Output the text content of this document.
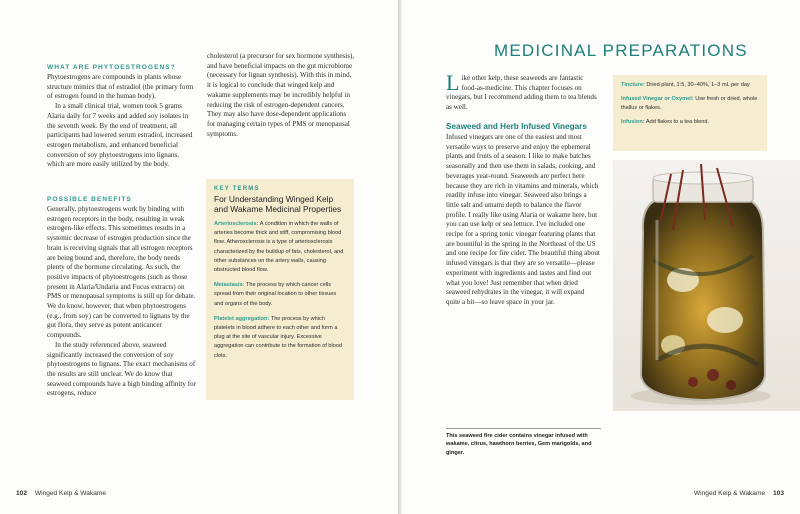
WHAT ARE PHYTOESTROGENS?

Phytoestrogens are compounds in plants whose structure mimics that of estradiol (the primary form of estrogen found in the human body).

In a small clinical trial, women took 5 grams Alaria daily for 7 weeks and added soy isolates in the seventh week. By the end of treatment, all participants had lowered serum estradiol, increased estrogen metabolism, and enhanced beneficial conversion of soy phytoestrogens into lignans, which are more easily utilized by the body.

POSSIBLE BENEFITS

Generally, phytoestrogens work by binding with estrogen receptors in the body, resulting in weak estrogen-like effects. This sometimes results in a systemic decrease of estrogen production since the brain is receiving signals that all estrogen receptors are being bound and, therefore, the body needs plenty of the hormone circulating. As such, the positive impacts of phytoestrogens (such as those present in Alaria/Undaria and Fucus extracts) on PMS or menopausal symptoms is still up for debate. We do know, however, that when phytoestrogens (e.g., from soy) can be converted to lignans by the gut flora, they serve as potent anticancer compounds.

In the study referenced above, seaweed significantly increased the conversion of soy phytoestrogens to lignans. The exact mechanisms of the results are still unclear. We do know that seaweed compounds have a high binding affinity for estrogens, reduce

cholesterol (a precursor for sex hormone synthesis), and have beneficial impacts on the gut microbiome (necessary for lignan synthesis). With this in mind, it is logical to conclude that winged kelp and wakame supplements may be incredibly helpful in reducing the risk of estrogen-dependent cancers. They may also have dose-dependent applications for managing certain types of PMS or menopausal symptoms.

KEY TERMS
For Understanding Winged Kelp and Wakame Medicinal Properties
Arteriosclerosis: A condition in which the walls of arteries become thick and stiff, compromising blood flow. Atherosclerosis is a type of arteriosclerosis characterized by the buildup of fats, cholesterol, and other substances on the artery walls, causing obstructed blood flow.
Metastasis: The process by which cancer cells spread from their original location to other tissues and organs of the body.
Platelet aggregation: The process by which platelets in blood adhere to each other and form a plug at the site of vascular injury. Excessive aggregation can contribute to the formation of blood clots.
102 Winged Kelp & Wakame
MEDICINAL PREPARATIONS
Like other kelp, these seaweeds are fantastic food-as-medicine. This chapter focuses on vinegars, but I recommend adding them to tea blends as well.
Seaweed and Herb Infused Vinegars

Infused vinegars are one of the easiest and most versatile ways to preserve and enjoy the ephemeral plants and fruits of a season. I like to make batches seasonally and then use them in salads, cooking, and beverages year-round. Seaweeds are perfect here because they are rich in vitamins and minerals, which readily infuse into vinegar. Seaweed also brings a little salt and umami depth to balance the flavor profile. I really like using Alaria or wakame here, but you can use kelp or sea lettuce. I've included one recipe for a spring tonic vinegar featuring plants that are bountiful in the spring in the Northeast of the US and one recipe for fire cider. The beautiful thing about infused vinegars is that they are so versatile—please experiment with ingredients and tastes and find out what you love! Just remember that when dried seaweed rehydrates in the vinegar, it will expand quite a bit—so leave space in your jar.

Tincture: Dried plant, 1:5, 30–40%, 1–3 mL per day
Infused Vinegar or Oxymel: Use fresh or dried, whole thallus or flakes.
Infusion: Add flakes to a tea blend.
This seaweed fire cider contains vinegar infused with wakame, citrus, hawthorn berries, Gem marigolds, and ginger.
Winged Kelp & Wakame 103
